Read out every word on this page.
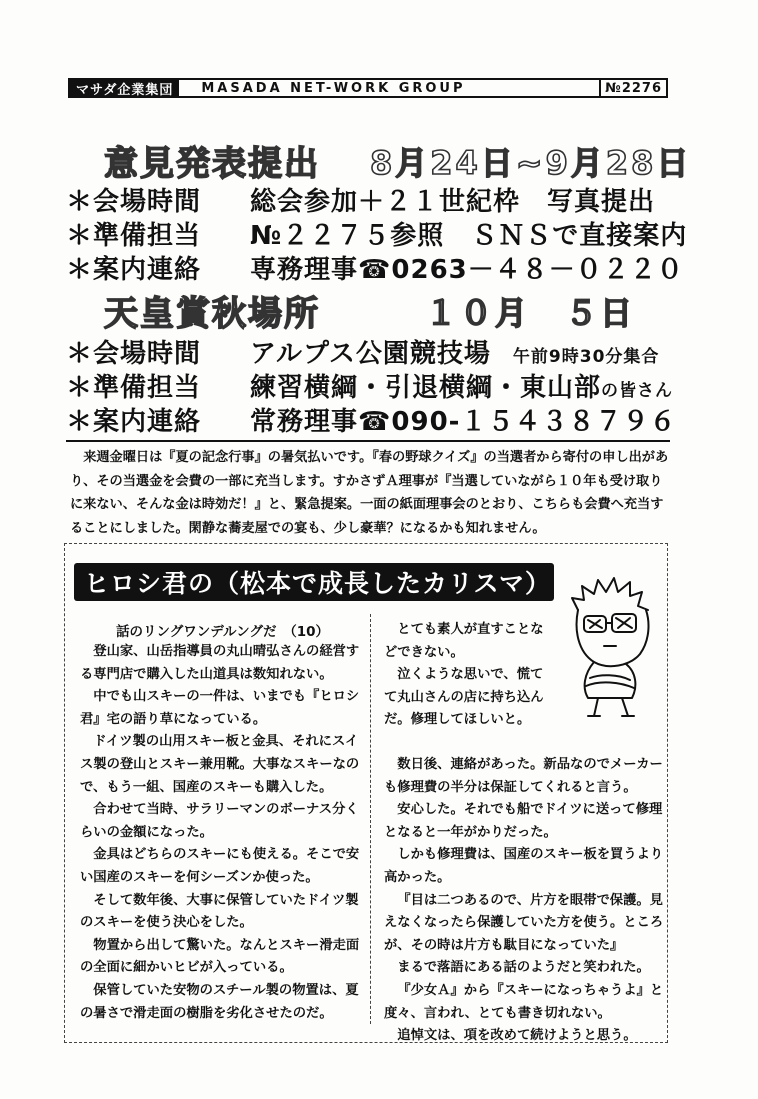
マサダ企業集団	MASADA NET-WORK GROUP	№2276
意見発表提出 8月24日~9月28日
＊会場時間 総会参加＋２１世紀枠　写真提出
＊準備担当 №２２７５参照　ＳＮＳで直接案内
＊案内連絡 専務理事☎0263－４８－０２２０
天皇賞秋場所	１０月　５日
＊会場時間 アルプス公園競技場 午前9時30分集合
＊準備担当 練習横綱・引退横綱・東山部の皆さん
＊案内連絡 常務理事☎090-１５４３８７９６
来週金曜日は『夏の記念行事』の暑気払いです。『春の野球クイズ』の当選者から寄付の申し出があり、その当選金を会費の一部に充当します。すかさずＡ理事が『当選していながら１０年も受け取りに来ない、そんな金は時効だ！』と、緊急提案。一面の紙面理事会のとおり、こちらも会費へ充当することにしました。閑静な蕎麦屋での宴も、少し豪華？になるかも知れません。
ヒロシ君の（松本で成長したカリスマ）
話のリングワンデルングだ　（10）

登山家、山岳指導員の丸山晴弘さんの経営する専門店で購入した山道具は数知れない。

中でも山スキーの一件は、いまでも『ヒロシ君』宅の語り草になっている。

ドイツ製の山用スキー板と金具、それにスイス製の登山とスキー兼用靴。大事なスキーなので、もう一組、国産のスキーも購入した。

合わせて当時、サラリーマンのボーナス分くらいの金額になった。

金具はどちらのスキーにも使える。そこで安い国産のスキーを何シーズンか使った。

そして数年後、大事に保管していたドイツ製のスキーを使う決心をした。

物置から出して驚いた。なんとスキー滑走面の全面に細かいヒビが入っている。

保管していた安物のスチール製の物置は、夏の暑さで滑走面の樹脂を劣化させたのだ。

とても素人が直すことなどできない。

泣くような思いで、慌てて丸山さんの店に持ち込んだ。修理してほしいと。

数日後、連絡があった。新品なのでメーカーも修理費の半分は保証してくれると言う。

安心した。それでも船でドイツに送って修理となると一年がかりだった。

しかも修理費は、国産のスキー板を買うより高かった。

『目は二つあるので、片方を眼帯で保護。見えなくなったら保護していた方を使う。ところが、その時は片方も駄目になっていた』

まるで落語にある話のようだと笑われた。

『少女Ａ』から『スキーになっちゃうよ』と度々、言われ、とても書き切れない。

追悼文は、項を改めて続けようと思う。
